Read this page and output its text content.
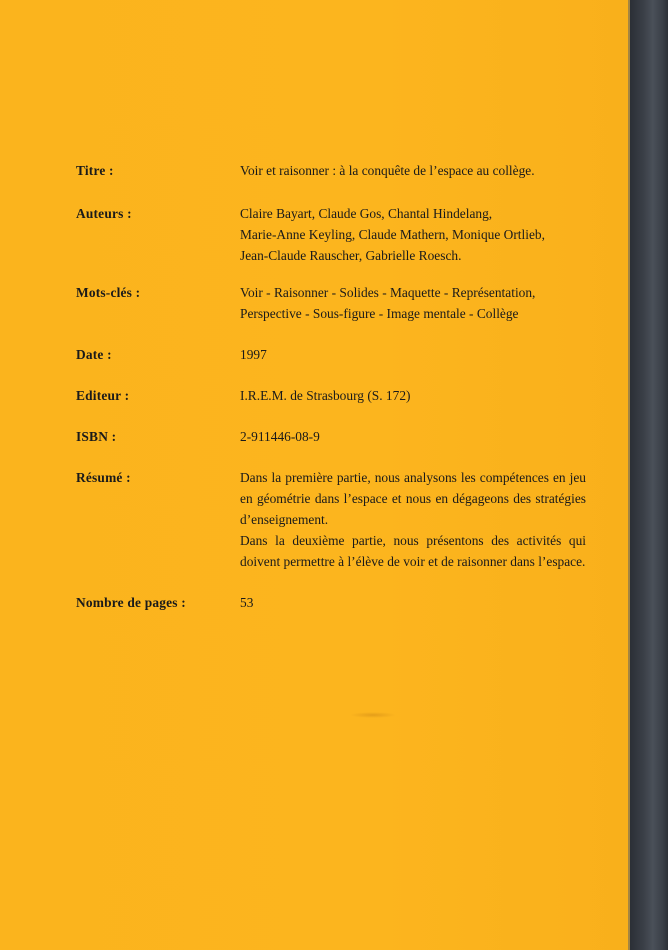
Titre :	Voir et raisonner : à la conquête de l’espace au collège.

Auteurs :	Claire Bayart, Claude Gos, Chantal Hindelang,

Marie-Anne Keyling, Claude Mathern, Monique Ortlieb,

Jean-Claude Rauscher, Gabrielle Roesch.

Mots-clés :	Voir - Raisonner - Solides - Maquette - Représentation,

Perspective - Sous-figure - Image mentale - Collège

Date :	1997

Editeur :	I.R.E.M. de Strasbourg (S. 172)

ISBN :	2-911446-08-9

Résumé :	Dans la première partie, nous analysons les compétences en jeu en géométrie dans l’espace et nous en dégageons des stratégies d’enseignement.

Dans la deuxième partie, nous présentons des activités qui doivent permettre à l’élève de voir et de raisonner dans l’espace.

Nombre de pages :	53
